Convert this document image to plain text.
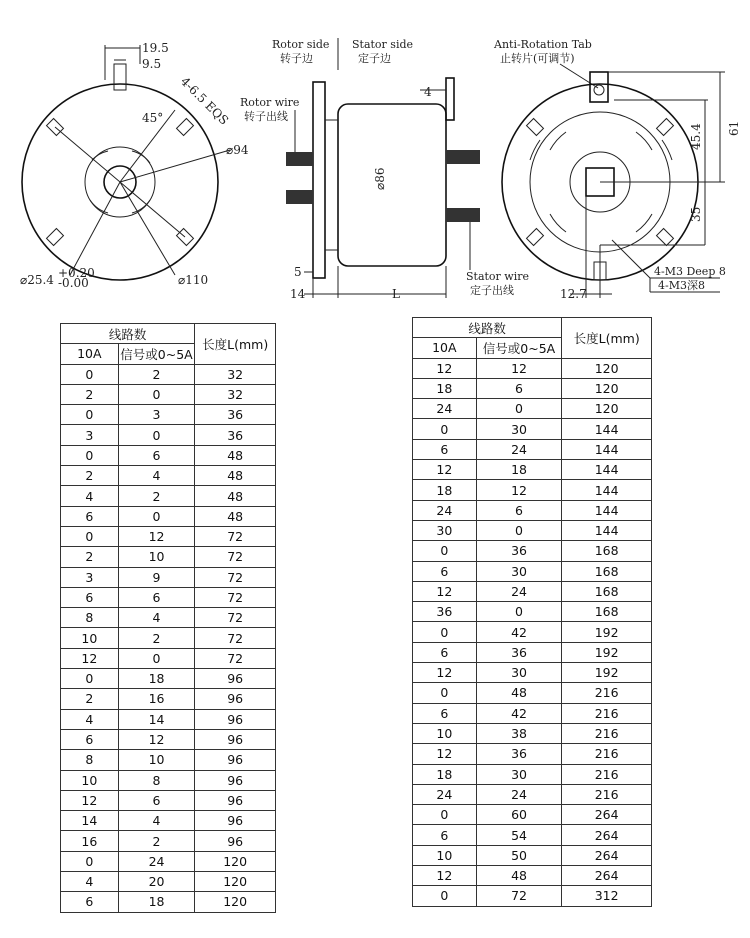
19.5
9.5
4-6.5 EQS
45°
⌀94
⌀25.4 +0.20
-0.00	⌀110
Rotor side
转子边
Stator side
定子边
Rotor wire
转子出线
4
⌀86
Stator wire
定子出线
5
14	L
Anti-Rotation Tab
止转片(可调节)
61
45.4
35
12.7
4-M3 Deep 8
4-M3深8
线路数		长度L(mm)
10A	信号或0~5A	
0	2	32
2	0	32
0	3	36
3	0	36
0	6	48
2	4	48
4	2	48
6	0	48
0	12	72
2	10	72
3	9	72
6	6	72
8	4	72
10	2	72
12	0	72
0	18	96
2	16	96
4	14	96
6	12	96
8	10	96
10	8	96
12	6	96
14	4	96
16	2	96
0	24	120
4	20	120
6	18	120
线路数		长度L(mm)
10A	信号或0~5A	
12	12	120
18	6	120
24	0	120
0	30	144
6	24	144
12	18	144
18	12	144
24	6	144
30	0	144
0	36	168
6	30	168
12	24	168
36	0	168
0	42	192
6	36	192
12	30	192
0	48	216
6	42	216
10	38	216
12	36	216
18	30	216
24	24	216
0	60	264
6	54	264
10	50	264
12	48	264
0	72	312
